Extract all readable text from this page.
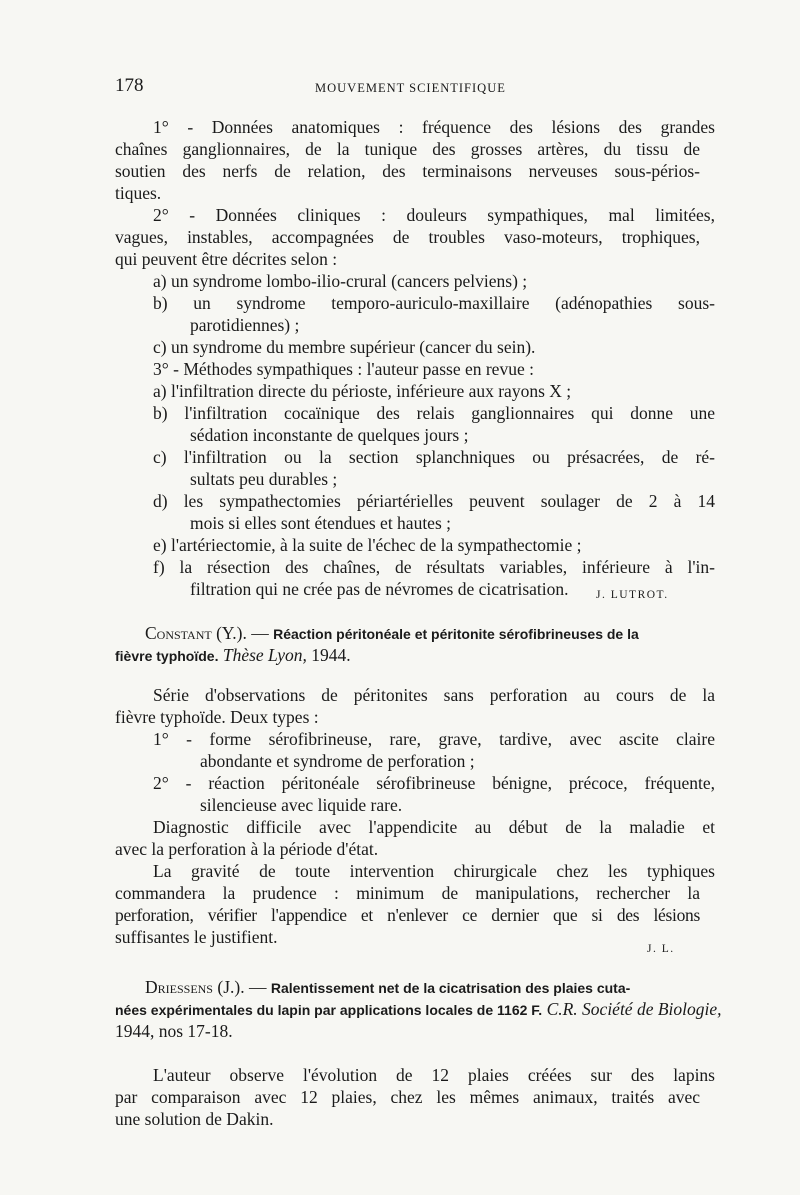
178	MOUVEMENT SCIENTIFIQUE
1° - Données anatomiques : fréquence des lésions des grandes
chaînes ganglionnaires, de la tunique des grosses artères, du tissu de
soutien des nerfs de relation, des terminaisons nerveuses sous-périos-
tiques.
2° - Données cliniques : douleurs sympathiques, mal limitées,
vagues, instables, accompagnées de troubles vaso-moteurs, trophiques,
qui peuvent être décrites selon :
a) un syndrome lombo-ilio-crural (cancers pelviens) ;
b) un syndrome temporo-auriculo-maxillaire (adénopathies sous-
parotidiennes) ;
c) un syndrome du membre supérieur (cancer du sein).
3° - Méthodes sympathiques : l'auteur passe en revue :
a) l'infiltration directe du périoste, inférieure aux rayons X ;
b) l'infiltration cocaïnique des relais ganglionnaires qui donne une
sédation inconstante de quelques jours ;
c) l'infiltration ou la section splanchniques ou présacrées, de ré-
sultats peu durables ;
d) les sympathectomies périartérielles peuvent soulager de 2 à 14
mois si elles sont étendues et hautes ;
e) l'artériectomie, à la suite de l'échec de la sympathectomie ;
f) la résection des chaînes, de résultats variables, inférieure à l'in-
filtration qui ne crée pas de névromes de cicatrisation. J. LUTROT.
Constant (Y.). — Réaction péritonéale et péritonite sérofibrineuses de la
fièvre typhoïde. Thèse Lyon, 1944.
Série d'observations de péritonites sans perforation au cours de la
fièvre typhoïde. Deux types :
1° - forme sérofibrineuse, rare, grave, tardive, avec ascite claire
abondante et syndrome de perforation ;
2° - réaction péritonéale sérofibrineuse bénigne, précoce, fréquente,
silencieuse avec liquide rare.
Diagnostic difficile avec l'appendicite au début de la maladie et
avec la perforation à la période d'état.
La gravité de toute intervention chirurgicale chez les typhiques
commandera la prudence : minimum de manipulations, rechercher la
perforation, vérifier l'appendice et n'enlever ce dernier que si des lésions
suffisantes le justifient.
J. L.
Driessens (J.). — Ralentissement net de la cicatrisation des plaies cuta-
nées expérimentales du lapin par applications locales de 1162 F. C.R. Société de Biologie,
1944, nos 17-18.
L'auteur observe l'évolution de 12 plaies créées sur des lapins
par comparaison avec 12 plaies, chez les mêmes animaux, traités avec
une solution de Dakin.
